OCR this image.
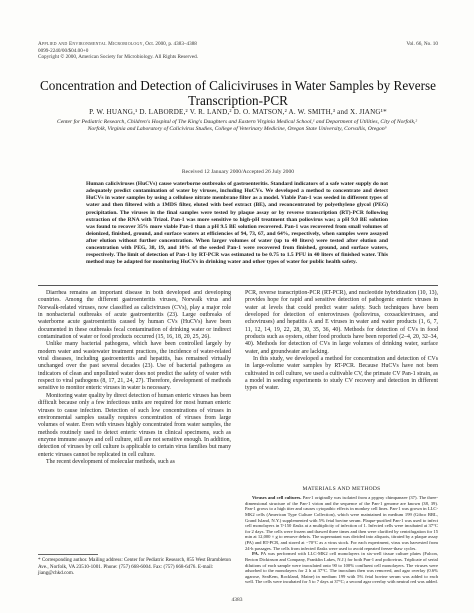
Applied and Environmental Microbiology, Oct. 2000, p. 4383–4388
0099-2240/00/$04.00+0
Copyright © 2000, American Society for Microbiology. All Rights Reserved.
Vol. 66, No. 10
Concentration and Detection of Caliciviruses in Water Samples by Reverse Transcription-PCR
P. W. HUANG,¹ D. LABORDE,² V. R. LAND,² D. O. MATSON,² A. W. SMITH,³ and X. JIANG¹*
Center for Pediatric Research, Children's Hospital of The King's Daughters and Eastern Virginia Medical School,¹ and Department of Utilities, City of Norfolk,² Norfolk, Virginia and Laboratory of Calicivirus Studies, College of Veterinary Medicine, Oregon State University, Corvallis, Oregon³
Received 12 January 2000/Accepted 26 July 2000
Human caliciviruses (HuCVs) cause waterborne outbreaks of gastroenteritis. Standard indicators of a safe water supply do not adequately predict contamination of water by viruses, including HuCVs. We developed a method to concentrate and detect HuCVs in water samples by using a cellulose nitrate membrane filter as a model. Viable Pan-1 was seeded in different types of water and then filtered with a 1MDS filter, eluted with beef extract (BE), and reconcentrated by polyethylene glycol (PEG) precipitation. The viruses in the final samples were tested by plaque assay or by reverse transcription (RT)-PCR following extraction of the RNA with Trizol. Pan-1 was more sensitive to high-pH treatment than poliovirus was; a pH 9.0 BE solution was found to recover 35% more viable Pan-1 than a pH 9.5 BE solution recovered. Pan-1 was recovered from small volumes of deionized, finished, ground, and surface waters at efficiencies of 94, 73, 67, and 64%, respectively, when samples were assayed after elution without further concentration. When larger volumes of water (up to 40 liters) were tested after elution and concentration with PEG, 38, 19, and 10% of the seeded Pan-1 were recovered from finished, ground, and surface waters, respectively. The limit of detection of Pan-1 by RT-PCR was estimated to be 0.75 to 1.5 PFU in 40 liters of finished water. This method may be adapted for monitoring HuCVs in drinking water and other types of water for public health safety.

Diarrhea remains an important disease in both developed and developing countries. Among the different gastroenteritis viruses, Norwalk virus and Norwalk-related viruses, now classified as caliciviruses (CVs), play a major role in nonbacterial outbreaks of acute gastroenteritis (23). Large outbreaks of waterborne acute gastroenteritis caused by human CVs (HuCVs) have been documented in these outbreaks fecal contamination of drinking water or indirect contamination of water or food products occurred (15, 16, 18, 20, 25, 26).

Unlike many bacterial pathogens, which have been controlled largely by modern water and wastewater treatment practices, the incidence of water-related viral diseases, including gastroenteritis and hepatitis, has remained virtually unchanged over the past several decades (23). Use of bacterial pathogens as indicators of clean and unpolluted water does not predict the safety of water with respect to viral pathogens (8, 17, 21, 24, 27). Therefore, development of methods sensitive to monitor enteric viruses in water is necessary.

Monitoring water quality by direct detection of human enteric viruses has been difficult because only a few infectious units are required for most human enteric viruses to cause infection. Detection of such low concentrations of viruses in environmental samples usually requires concentration of viruses from large volumes of water. Even with viruses highly concentrated from water samples, the methods routinely used to detect enteric viruses in clinical specimens, such as enzyme immune assays and cell culture, still are not sensitive enough. In addition, detection of viruses by cell culture is applicable to certain virus families but many enteric viruses cannot be replicated in cell culture.

The recent development of molecular methods, such as

PCR, reverse transcription-PCR (RT-PCR), and nucleotide hybridization (10, 13), provides hope for rapid and sensitive detection of pathogenic enteric viruses in water at levels that could predict water safety. Such techniques have been developed for detection of enteroviruses (poliovirus, coxsackieviruses, and echoviruses) and hepatitis A and E viruses in water and water products (1, 6, 7, 11, 12, 14, 19, 22, 28, 30, 35, 36, 40). Methods for detection of CVs in food products such as oysters, other food products have been reported (2–4, 20, 32–34, 40). Methods for detection of CVs in large volumes of drinking water, surface water, and groundwater are lacking.

In this study, we developed a method for concentration and detection of CVs in large-volume water samples by RT-PCR. Because HuCVs have not been cultivated in cell culture, we used a cultivable CV, the primate CV Pan-1 strain, as a model in seeding experiments to study CV recovery and detection in different types of water.

MATERIALS AND METHODS

Viruses and cell cultures. Pan-1 originally was isolated from a pygmy chimpanzee (37). The three-dimensional structure of the Pan-1 virion and the sequence of the Pan-1 genome are known (38, 39). Pan-1 grows to a high titer and causes cytopathic effects in monkey cell lines. Pan-1 was grown in LLC-MK2 cells (American Type Culture Collection), which were maintained in medium 199 (Gibco BRL, Grand Island, N.Y.) supplemented with 5% fetal bovine serum. Plaque-purified Pan-1 was used to infect cell monolayers in T-150 flasks at a multiplicity of infection of 1. Infected cells were incubated at 37°C for 2 days. The cells were frozen and thawed three times and then were clarified by centrifugation for 15 min at 12,000 × g to remove debris. The supernatant was divided into aliquots, titrated by a plaque assay (PA) and RT-PCR, and stored at −70°C as a virus stock. For each experiment, virus was harvested from 24-h passages. The cells from infected flasks were used to avoid repeated freeze-thaw cycles.

PA. PA was performed with LLC-MK2 cell monolayers in six-well tissue culture plates (Falcon, Becton Dickinson and Company, Franklin Lakes, N.J.) for both Pan-1 and poliovirus. Triplicate of serial dilutions of each sample were inoculated onto 90 to 100% confluent cell monolayers. The viruses were adsorbed to the monolayers for 2 h at 37°C. The inoculum then was removed, and agar overlay (0.6% agarose, SeaKem, Rockland, Maine) in medium 199 with 5% fetal bovine serum was added to each well. The cells were incubated for 5 to 7 days at 37°C; a second agar overlay with neutral red was added.

* Corresponding author. Mailing address: Center for Pediatric Research, 855 West Brambleton Ave., Norfolk, VA 23510-1001. Phone: (757) 668-6004. Fax: (757) 668-6476. E-mail: jiang@chkd.com.
4383
